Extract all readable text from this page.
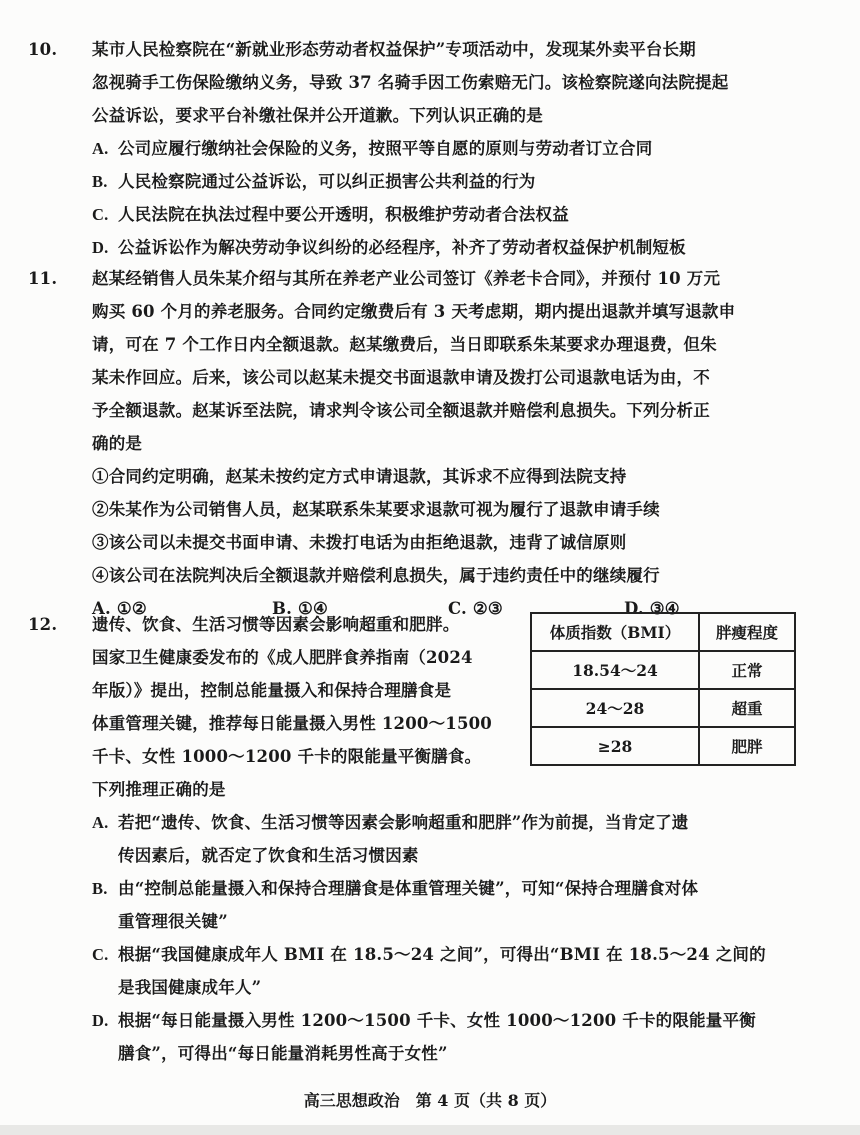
10. 某市人民检察院在“新就业形态劳动者权益保护”专项活动中，发现某外卖平台长期
忽视骑手工伤保险缴纳义务，导致 37 名骑手因工伤索赔无门。该检察院遂向法院提起
公益诉讼，要求平台补缴社保并公开道歉。下列认识正确的是
A. 公司应履行缴纳社会保险的义务，按照平等自愿的原则与劳动者订立合同
B. 人民检察院通过公益诉讼，可以纠正损害公共利益的行为
C. 人民法院在执法过程中要公开透明，积极维护劳动者合法权益
D. 公益诉讼作为解决劳动争议纠纷的必经程序，补齐了劳动者权益保护机制短板
11. 赵某经销售人员朱某介绍与其所在养老产业公司签订《养老卡合同》，并预付 10 万元
购买 60 个月的养老服务。合同约定缴费后有 3 天考虑期，期内提出退款并填写退款申
请，可在 7 个工作日内全额退款。赵某缴费后，当日即联系朱某要求办理退费，但朱
某未作回应。后来，该公司以赵某未提交书面退款申请及拨打公司退款电话为由，不
予全额退款。赵某诉至法院，请求判令该公司全额退款并赔偿利息损失。下列分析正
确的是
①合同约定明确，赵某未按约定方式申请退款，其诉求不应得到法院支持
②朱某作为公司销售人员，赵某联系朱某要求退款可视为履行了退款申请手续
③该公司以未提交书面申请、未拨打电话为由拒绝退款，违背了诚信原则
④该公司在法院判决后全额退款并赔偿利息损失，属于违约责任中的继续履行
A. ①②	B. ①④	C. ②③	D. ③④
12. 遗传、饮食、生活习惯等因素会影响超重和肥胖。
国家卫生健康委发布的《成人肥胖食养指南（2024
年版）》提出，控制总能量摄入和保持合理膳食是
体重管理关键，推荐每日能量摄入男性 1200～1500
千卡、女性 1000～1200 千卡的限能量平衡膳食。
下列推理正确的是
A. 若把“遗传、饮食、生活习惯等因素会影响超重和肥胖”作为前提，当肯定了遗
传因素后，就否定了饮食和生活习惯因素
B. 由“控制总能量摄入和保持合理膳食是体重管理关键”，可知“保持合理膳食对体
重管理很关键”
C. 根据“我国健康成年人 BMI 在 18.5～24 之间”，可得出“BMI 在 18.5～24 之间的
是我国健康成年人”
D. 根据“每日能量摄入男性 1200～1500 千卡、女性 1000～1200 千卡的限能量平衡
膳食”，可得出“每日能量消耗男性高于女性”
体质指数（BMI）	胖瘦程度
18.54～24	正常
24～28	超重
≥28	肥胖
高三思想政治　第 4 页（共 8 页）
